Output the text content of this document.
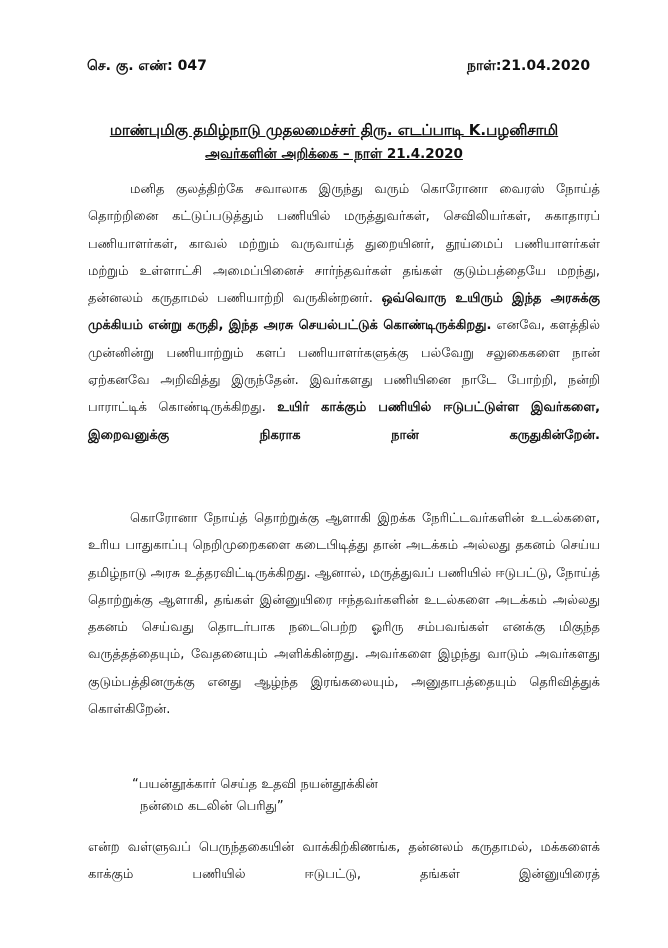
செ. கு. எண்: 047	நாள்:21.04.2020
மாண்புமிகு தமிழ்நாடு முதலமைச்சர் திரு. எடப்பாடி K.பழனிசாமி
அவர்களின் அறிக்கை – நாள் 21.4.2020
மனித குலத்திற்கே சவாலாக இருந்து வரும் கொரோனா வைரஸ் நோய்த் தொற்றினை கட்டுப்படுத்தும் பணியில் மருத்துவர்கள், செவிலியர்கள், சுகாதாரப் பணியாளர்கள், காவல் மற்றும் வருவாய்த் துறையினர், தூய்மைப் பணியாளர்கள் மற்றும் உள்ளாட்சி அமைப்பினைச் சார்ந்தவர்கள் தங்கள் குடும்பத்தையே மறந்து, தன்னலம் கருதாமல் பணியாற்றி வருகின்றனர். ஒவ்வொரு உயிரும் இந்த அரசுக்கு முக்கியம் என்று கருதி, இந்த அரசு செயல்பட்டுக் கொண்டிருக்கிறது. எனவே, களத்தில் முன்னின்று பணியாற்றும் களப் பணியாளர்களுக்கு பல்வேறு சலுகைகளை நான் ஏற்கனவே அறிவித்து இருந்தேன். இவர்களது பணியினை நாடே போற்றி, நன்றி பாராட்டிக் கொண்டிருக்கிறது. உயிர் காக்கும் பணியில் ஈடுபட்டுள்ள இவர்களை, இறைவனுக்கு நிகராக நான் கருதுகின்றேன்.
கொரோனா நோய்த் தொற்றுக்கு ஆளாகி இறக்க நேரிட்டவர்களின் உடல்களை, உரிய பாதுகாப்பு நெறிமுறைகளை கடைபிடித்து தான் அடக்கம் அல்லது தகனம் செய்ய தமிழ்நாடு அரசு உத்தரவிட்டிருக்கிறது. ஆனால், மருத்துவப் பணியில் ஈடுபட்டு, நோய்த் தொற்றுக்கு ஆளாகி, தங்கள் இன்னுயிரை ஈந்தவர்களின் உடல்களை அடக்கம் அல்லது தகனம் செய்வது தொடர்பாக நடைபெற்ற ஓரிரு சம்பவங்கள் எனக்கு மிகுந்த வருத்தத்தையும், வேதனையும் அளிக்கின்றது. அவர்களை இழந்து வாடும் அவர்களது குடும்பத்தினருக்கு எனது ஆழ்ந்த இரங்கலையும், அனுதாபத்தையும் தெரிவித்துக் கொள்கிறேன்.
“பயன்தூக்கார் செய்த உதவி நயன்தூக்கின்
நன்மை கடலின் பெரிது”
என்ற வள்ளுவப் பெருந்தகையின் வாக்கிற்கிணங்க, தன்னலம் கருதாமல், மக்களைக் காக்கும் பணியில் ஈடுபட்டு, தங்கள் இன்னுயிரைத்
